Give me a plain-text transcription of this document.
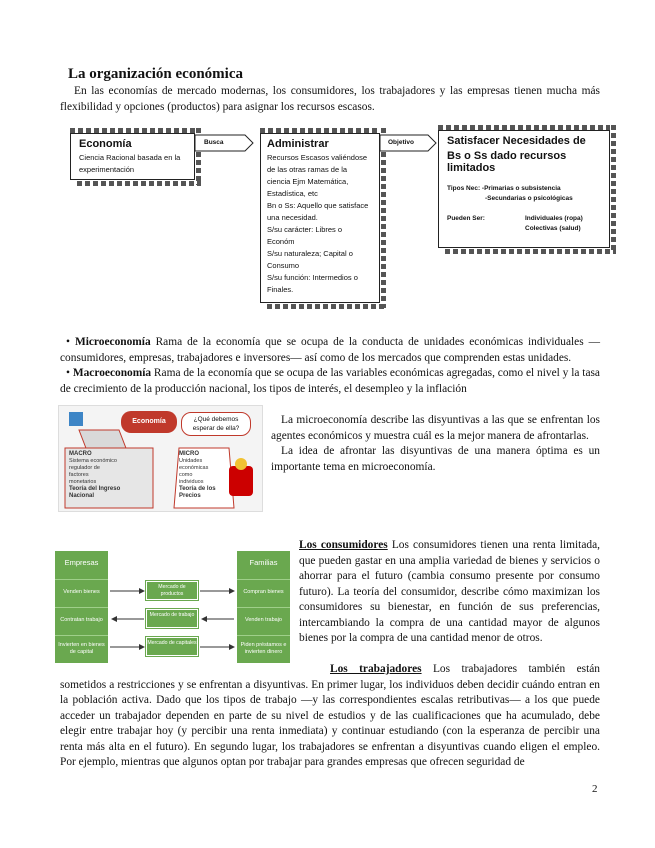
La organización económica
En las economías de mercado modernas, los consumidores, los trabajadores y las empresas tienen mucha más flexibilidad y opciones (productos) para asignar los recursos escasos.
Economía
Ciencia Racional basada en la experimentación
Busca	Administrar
Recursos Escasos valiéndose
de las otras ramas de la
ciencia Ejm Matemática,
Estadística, etc
Bn o Ss: Aquello que satisface
una necesidad.
S/su carácter: Libres o
Económ
S/su naturaleza; Capital o
Consumo
S/su función: Intermedios o
Finales.
Objetivo	Satisfacer Necesidades de
Bs o Ss dado recursos limitados
Tipos Nec: -Primarias o subsistencia
-Secundarias o psicológicas
Pueden Ser:	Individuales (ropa)

Colectivas (salud)

• Microeconomía Rama de la economía que se ocupa de la conducta de unidades económicas individuales —consumidores, empresas, trabajadores e inversores— así como de los mercados que comprenden estas unidades.

• Macroeconomía Rama de la economía que se ocupa de las variables económicas agregadas, como el nivel y la tasa de crecimiento de la producción nacional, los tipos de interés, el desempleo y la inflación

Economía	¿Qué debemos esperar de ella?
MACRO
Sistema económico
regulador de
factores
monetarios
Teoría del Ingreso
Nacional
MICRO
Unidades
económicas
como
individuos
Teoría de los
Precios

La microeconomía describe las disyuntivas a las que se enfrentan los agentes económicos y muestra cuál es la mejor manera de afrontarlas.

La idea de afrontar las disyuntivas de una manera óptima es un importante tema en microeconomía.

Empresas
Venden bienes
Contratan trabajo
Invierten en bienes de capital
Mercado de productos
Mercado de trabajo
Mercado de capitales
Familias
Compran bienes
Venden trabajo
Piden préstamos e invierten dinero

Los consumidores Los consumidores tienen una renta limitada, que pueden gastar en una amplia variedad de bienes y servicios o ahorrar para el futuro (cambia consumo presente por consumo futuro). La teoría del consumidor, describe cómo maximizan los consumidores su bienestar, en función de sus preferencias, intercambiando la compra de una cantidad mayor de algunos bienes por la compra de una cantidad menor de otros.

Los trabajadores Los trabajadores también están sometidos a restricciones y se enfrentan a disyuntivas. En primer lugar, los individuos deben decidir cuándo entran en la población activa. Dado que los tipos de trabajo —y las correspondientes escalas retributivas— a los que puede acceder un trabajador dependen en parte de su nivel de estudios y de las cualificaciones que ha acumulado, debe elegir entre trabajar hoy (y percibir una renta inmediata) y continuar estudiando (con la esperanza de percibir una renta más alta en el futuro). En segundo lugar, los trabajadores se enfrentan a disyuntivas cuando eligen el empleo. Por ejemplo, mientras que algunos optan por trabajar para grandes empresas que ofrecen seguridad de

2
